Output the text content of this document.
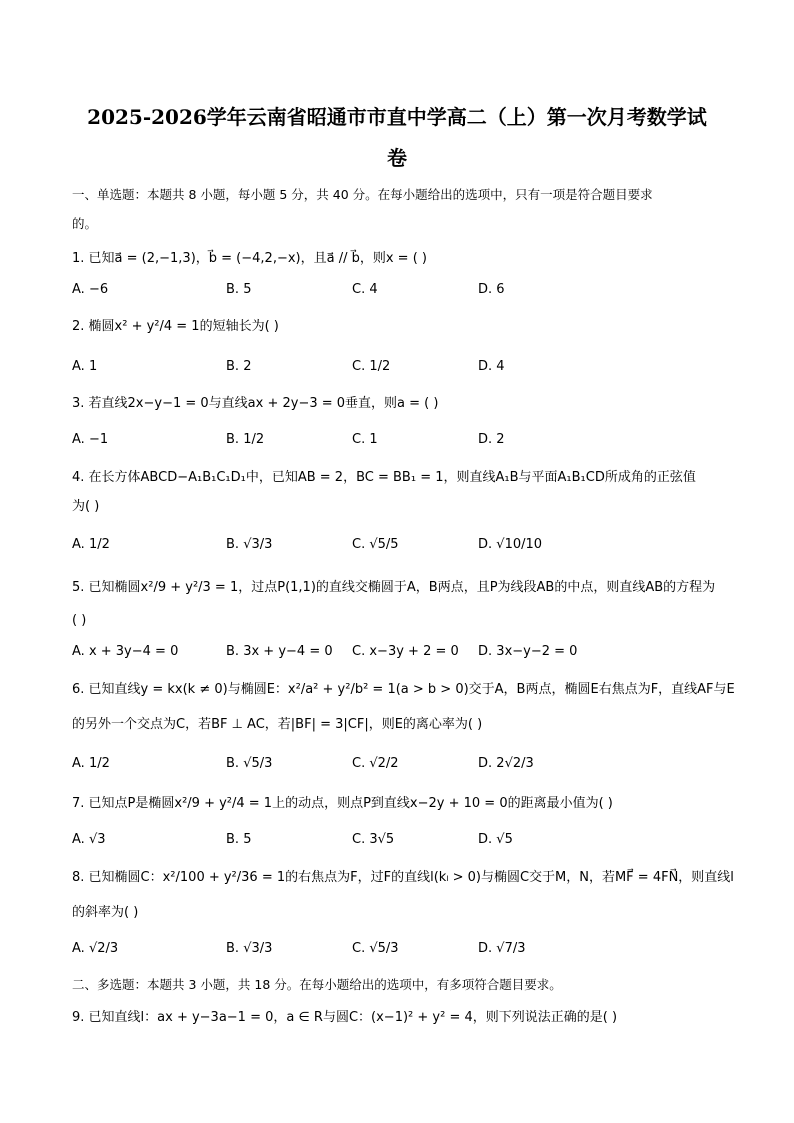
2025-2026学年云南省昭通市市直中学高二（上）第一次月考数学试
卷
一、单选题：本题共 8 小题，每小题 5 分，共 40 分。在每小题给出的选项中，只有一项是符合题目要求
的。
1. 已知a⃗ = (2,−1,3)，b⃗ = (−4,2,−x)，且a⃗ // b⃗，则x = ( )
A. −6	B. 5	C. 4	D. 6
2. 椭圆x² + y²/4 = 1的短轴长为( )
A. 1	B. 2	C. 1/2	D. 4
3. 若直线2x−y−1 = 0与直线ax + 2y−3 = 0垂直，则a = ( )
A. −1	B. 1/2	C. 1	D. 2
4. 在长方体ABCD−A₁B₁C₁D₁中，已知AB = 2，BC = BB₁ = 1，则直线A₁B与平面A₁B₁CD所成角的正弦值
为( )
A. 1/2	B. √3/3	C. √5/5	D. √10/10
5. 已知椭圆x²/9 + y²/3 = 1，过点P(1,1)的直线交椭圆于A，B两点，且P为线段AB的中点，则直线AB的方程为
( )
A. x + 3y−4 = 0	B. 3x + y−4 = 0 C. x−3y + 2 = 0 D. 3x−y−2 = 0
6. 已知直线y = kx(k ≠ 0)与椭圆E：x²/a² + y²/b² = 1(a > b > 0)交于A，B两点，椭圆E右焦点为F，直线AF与E
的另外一个交点为C，若BF ⊥ AC，若|BF| = 3|CF|，则E的离心率为( )
A. 1/2	B. √5/3	C. √2/2	D. 2√2/3
7. 已知点P是椭圆x²/9 + y²/4 = 1上的动点，则点P到直线x−2y + 10 = 0的距离最小值为( )
A. √3	B. 5	C. 3√5	D. √5
8. 已知椭圆C：x²/100 + y²/36 = 1的右焦点为F，过F的直线l(kₗ > 0)与椭圆C交于M，N，若MF⃗ = 4FN⃗，则直线l
的斜率为( )
A. √2/3	B. √3/3	C. √5/3	D. √7/3
二、多选题：本题共 3 小题，共 18 分。在每小题给出的选项中，有多项符合题目要求。
9. 已知直线l：ax + y−3a−1 = 0，a ∈ R与圆C：(x−1)² + y² = 4，则下列说法正确的是( )
